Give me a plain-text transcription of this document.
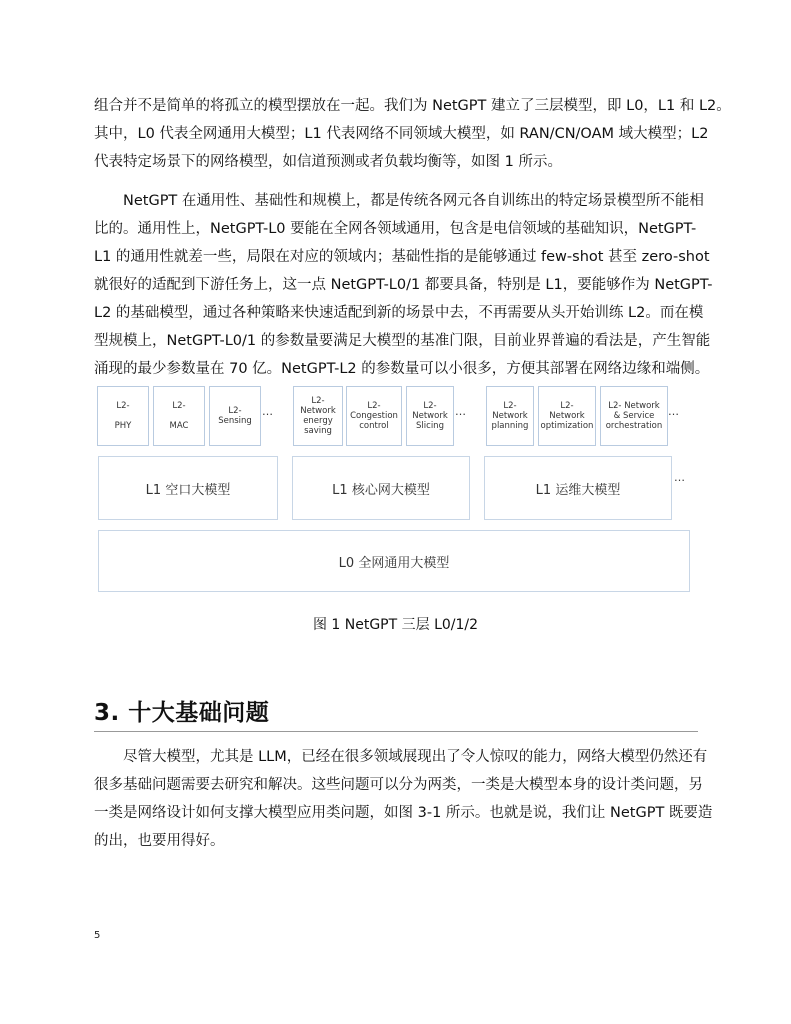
组合并不是简单的将孤立的模型摆放在一起。我们为 NetGPT 建立了三层模型，即 L0，L1 和 L2。
其中，L0 代表全网通用大模型；L1 代表网络不同领域大模型，如 RAN/CN/OAM 域大模型；L2
代表特定场景下的网络模型，如信道预测或者负载均衡等，如图 1 所示。
NetGPT 在通用性、基础性和规模上，都是传统各网元各自训练出的特定场景模型所不能相
比的。通用性上，NetGPT-L0 要能在全网各领域通用，包含是电信领域的基础知识，NetGPT-
L1 的通用性就差一些，局限在对应的领域内；基础性指的是能够通过 few-shot 甚至 zero-shot
就很好的适配到下游任务上，这一点 NetGPT-L0/1 都要具备，特别是 L1，要能够作为 NetGPT-
L2 的基础模型，通过各种策略来快速适配到新的场景中去，不再需要从头开始训练 L2。而在模
型规模上，NetGPT-L0/1 的参数量要满足大模型的基准门限，目前业界普遍的看法是，产生智能
涌现的最少参数量在 70 亿。NetGPT-L2 的参数量可以小很多，方便其部署在网络边缘和端侧。
L2-

PHY
L2-

MAC
L2-
Sensing
…
L2-
Network
energy
saving
L2-
Congestion
control
L2-
Network
Slicing
…	L2-
Network
planning
L2-
Network
optimization
L2- Network
& Service
orchestration
…
L1 空口大模型	L1 核心网大模型	L1 运维大模型
…
L0 全网通用大模型
图 1 NetGPT 三层 L0/1/2
3. 十大基础问题
尽管大模型，尤其是 LLM，已经在很多领域展现出了令人惊叹的能力，网络大模型仍然还有
很多基础问题需要去研究和解决。这些问题可以分为两类，一类是大模型本身的设计类问题，另
一类是网络设计如何支撑大模型应用类问题，如图 3-1 所示。也就是说，我们让 NetGPT 既要造
的出，也要用得好。
5
